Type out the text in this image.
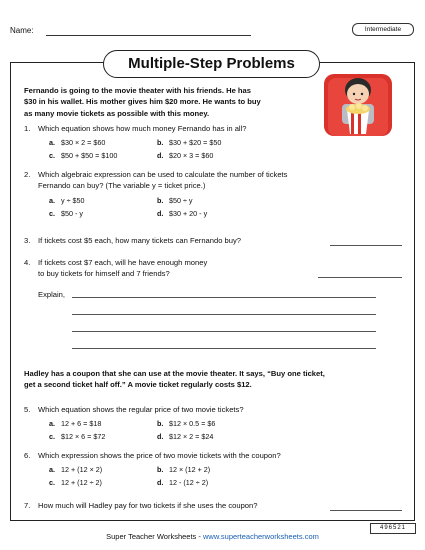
Name:	Intermediate
Multiple-Step Problems
Fernando is going to the movie theater with his friends. He has
$30 in his wallet. His mother gives him $20 more. He wants to buy
as many movie tickets as possible with this money.
1. Which equation shows how much money Fernando has in all?
a. $30 × 2 = $60	b. $30 + $20 = $50
c. $50 + $50 = $100	d. $20 × 3 = $60
2. Which algebraic expression can be used to calculate the number of tickets
Fernando can buy? (The variable y = ticket price.)
a. y ÷ $50	b. $50 ÷ y
c. $50 - y	d. $30 + 20 - y
3. If tickets cost $5 each, how many tickets can Fernando buy?
4. If tickets cost $7 each, will he have enough money
to buy tickets for himself and 7 friends?
Explain,
Hadley has a coupon that she can use at the movie theater. It says, “Buy one ticket,
get a second ticket half off.” A movie ticket regularly costs $12.
5. Which equation shows the regular price of two movie tickets?
a. 12 + 6 = $18	b. $12 × 0.5 = $6
c. $12 × 6 = $72	d. $12 × 2 = $24
6. Which expression shows the price of two movie tickets with the coupon?
a. 12 + (12 × 2)	b. 12 × (12 + 2)
c. 12 + (12 ÷ 2)	d. 12 - (12 ÷ 2)
7. How much will Hadley pay for two tickets if she uses the coupon?
496521
Super Teacher Worksheets - www.superteacherworksheets.com
